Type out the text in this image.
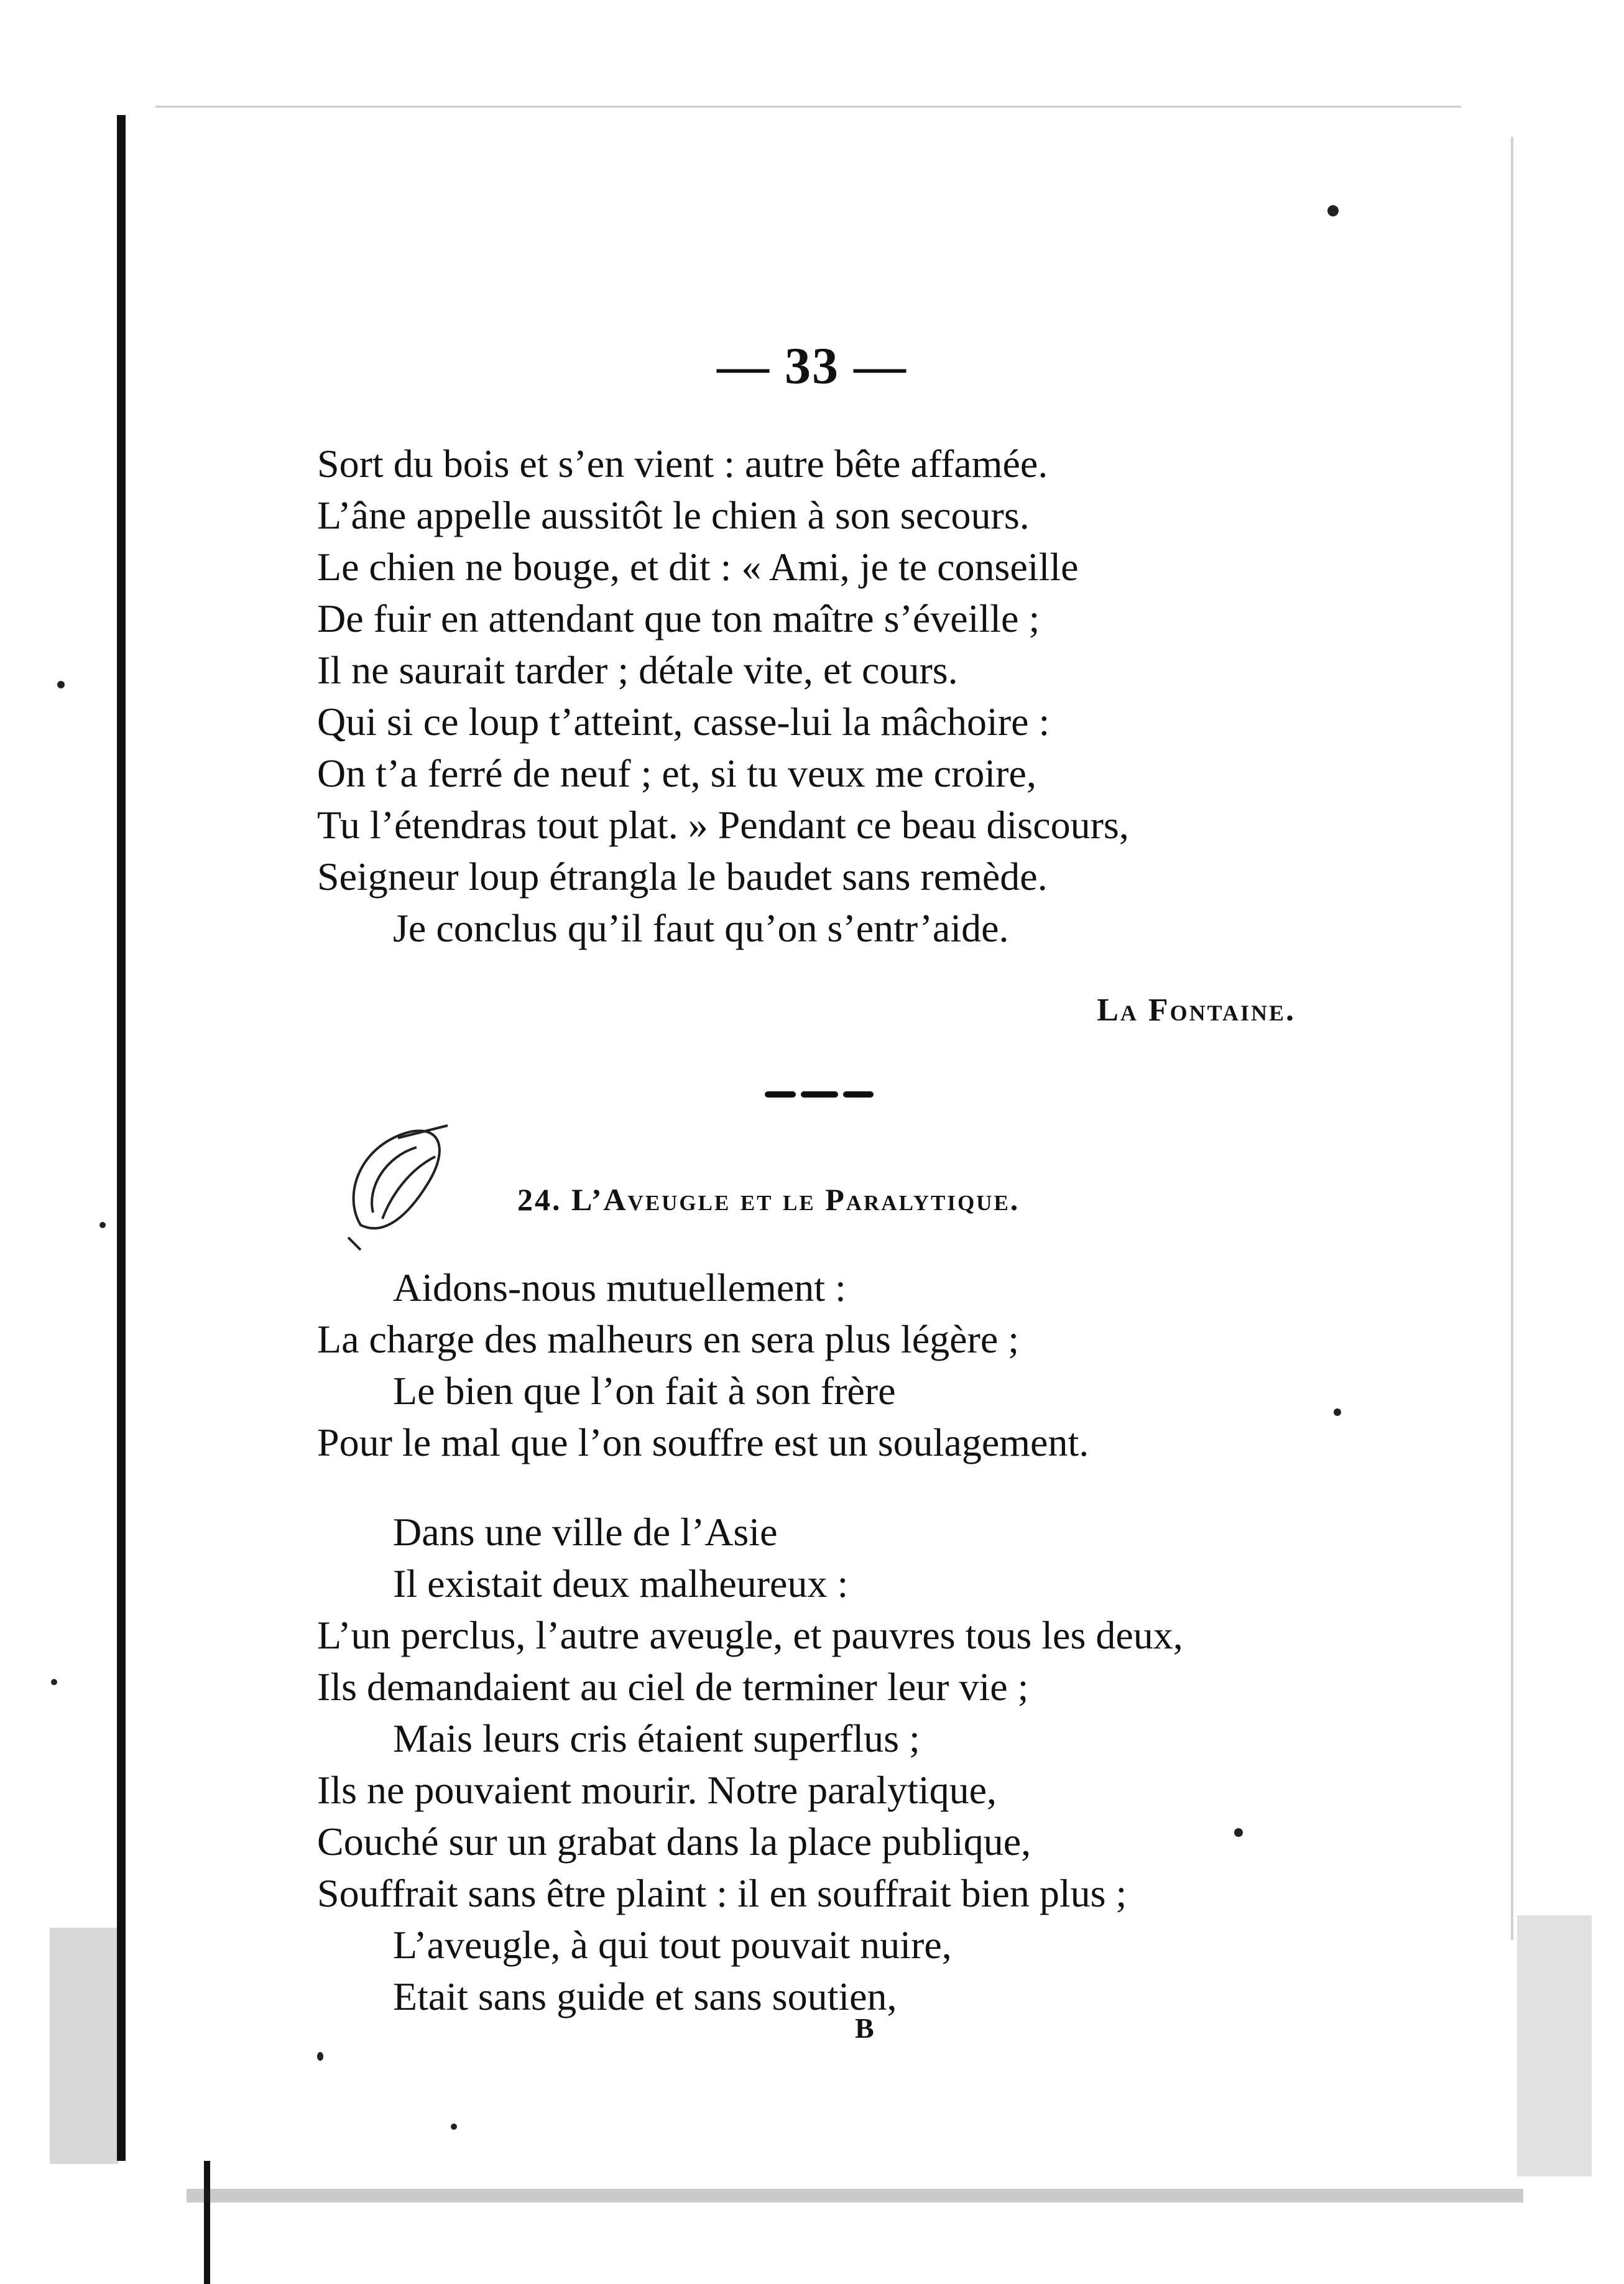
— 33 —
Sort du bois et s’en vient : autre bête affamée.
L’âne appelle aussitôt le chien à son secours.
Le chien ne bouge, et dit : « Ami, je te conseille
De fuir en attendant que ton maître s’éveille ;
Il ne saurait tarder ; détale vite, et cours.
Qui si ce loup t’atteint, casse-lui la mâchoire :
On t’a ferré de neuf ; et, si tu veux me croire,
Tu l’étendras tout plat. » Pendant ce beau discours,
Seigneur loup étrangla le baudet sans remède.
Je conclus qu’il faut qu’on s’entr’aide.
La Fontaine.
24. L’Aveugle et le Paralytique.
Aidons-nous mutuellement :
La charge des malheurs en sera plus légère ;
Le bien que l’on fait à son frère
Pour le mal que l’on souffre est un soulagement.
Dans une ville de l’Asie
Il existait deux malheureux :
L’un perclus, l’autre aveugle, et pauvres tous les deux,
Ils demandaient au ciel de terminer leur vie ;
Mais leurs cris étaient superflus ;
Ils ne pouvaient mourir. Notre paralytique,
Couché sur un grabat dans la place publique,
Souffrait sans être plaint : il en souffrait bien plus ;
L’aveugle, à qui tout pouvait nuire,
Etait sans guide et sans soutien,
B
